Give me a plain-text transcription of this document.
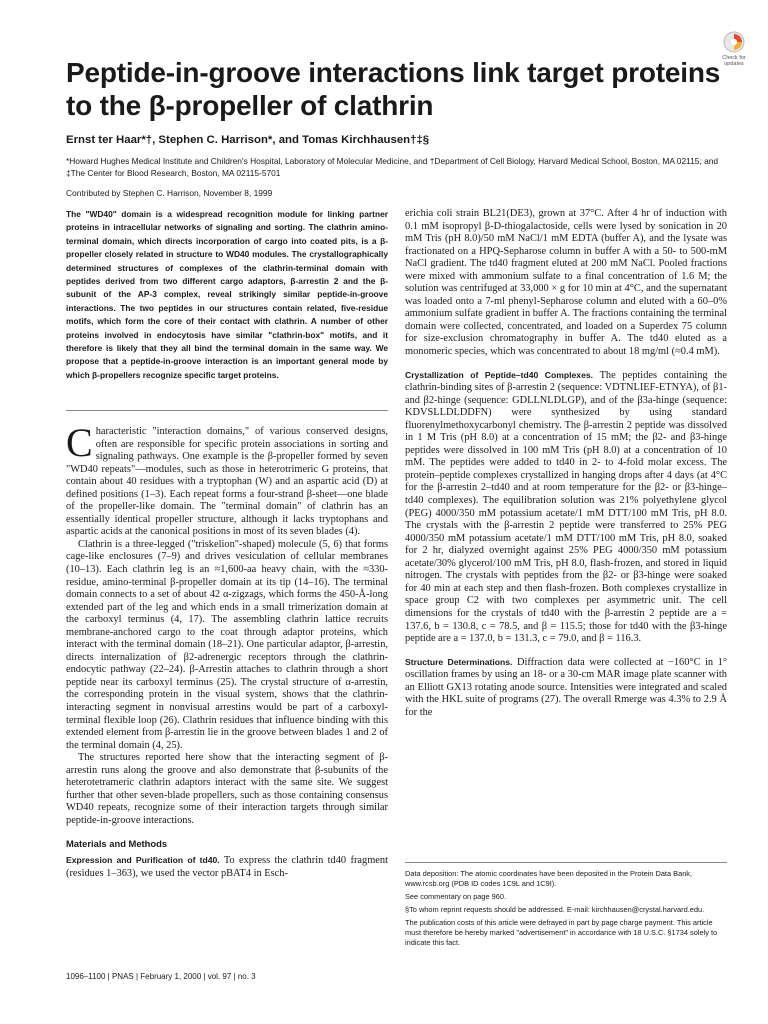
Check for
updates
Peptide-in-groove interactions link target proteins to the β-propeller of clathrin

Ernst ter Haar*†, Stephen C. Harrison*, and Tomas Kirchhausen†‡§

*Howard Hughes Medical Institute and Children's Hospital, Laboratory of Molecular Medicine, and †Department of Cell Biology, Harvard Medical School, Boston, MA 02115; and ‡The Center for Blood Research, Boston, MA 02115-5701

Contributed by Stephen C. Harrison, November 8, 1999

The "WD40" domain is a widespread recognition module for linking partner proteins in intracellular networks of signaling and sorting. The clathrin amino-terminal domain, which directs incorporation of cargo into coated pits, is a β-propeller closely related in structure to WD40 modules. The crystallographically determined structures of complexes of the clathrin-terminal domain with peptides derived from two different cargo adaptors, β-arrestin 2 and the β-subunit of the AP-3 complex, reveal strikingly similar peptide-in-groove interactions. The two peptides in our structures contain related, five-residue motifs, which form the core of their contact with clathrin. A number of other proteins involved in endocytosis have similar "clathrin-box" motifs, and it therefore is likely that they all bind the terminal domain in the same way. We propose that a peptide-in-groove interaction is an important general mode by which β-propellers recognize specific target proteins.

Characteristic "interaction domains," of various conserved designs, often are responsible for specific protein associations in sorting and signaling pathways. One example is the β-propeller formed by seven "WD40 repeats"—modules, such as those in heterotrimeric G proteins, that contain about 40 residues with a tryptophan (W) and an aspartic acid (D) at defined positions (1–3). Each repeat forms a four-strand β-sheet—one blade of the propeller-like domain. The "terminal domain" of clathrin has an essentially identical propeller structure, although it lacks tryptophans and aspartic acids at the canonical positions in most of its seven blades (4).

Clathrin is a three-legged ("triskelion"-shaped) molecule (5, 6) that forms cage-like enclosures (7–9) and drives vesiculation of cellular membranes (10–13). Each clathrin leg is an ≈1,600-aa heavy chain, with the ≈330-residue, amino-terminal β-propeller domain at its tip (14–16). The terminal domain connects to a set of about 42 α-zigzags, which forms the 450-Å-long extended part of the leg and which ends in a small trimerization domain at the carboxyl terminus (4, 17). The assembling clathrin lattice recruits membrane-anchored cargo to the coat through adaptor proteins, which interact with the terminal domain (18–21). One particular adaptor, β-arrestin, directs internalization of β2-adrenergic receptors through the clathrin-endocytic pathway (22–24). β-Arrestin attaches to clathrin through a short peptide near its carboxyl terminus (25). The crystal structure of α-arrestin, the corresponding protein in the visual system, shows that the clathrin-interacting segment in nonvisual arrestins would be part of a carboxyl-terminal flexible loop (26). Clathrin residues that influence binding with this extended element from β-arrestin lie in the groove between blades 1 and 2 of the terminal domain (4, 25).

The structures reported here show that the interacting segment of β-arrestin runs along the groove and also demonstrate that β-subunits of the heterotetrameric clathrin adaptors interact with the same site. We suggest further that other seven-blade propellers, such as those containing consensus WD40 repeats, recognize some of their interaction targets through similar peptide-in-groove interactions.

Materials and Methods

Expression and Purification of td40. To express the clathrin td40 fragment (residues 1–363), we used the vector pBAT4 in Esch-

erichia coli strain BL21(DE3), grown at 37°C. After 4 hr of induction with 0.1 mM isopropyl β-D-thiogalactoside, cells were lysed by sonication in 20 mM Tris (pH 8.0)/50 mM NaCl/1 mM EDTA (buffer A), and the lysate was fractionated on a HPQ-Sepharose column in buffer A with a 50- to 500-mM NaCl gradient. The td40 fragment eluted at 200 mM NaCl. Pooled fractions were mixed with ammonium sulfate to a final concentration of 1.6 M; the solution was centrifuged at 33,000 × g for 10 min at 4°C, and the supernatant was loaded onto a 7-ml phenyl-Sepharose column and eluted with a 60–0% ammonium sulfate gradient in buffer A. The fractions containing the terminal domain were collected, concentrated, and loaded on a Superdex 75 column for size-exclusion chromatography in buffer A. The td40 eluted as a monomeric species, which was concentrated to about 18 mg/ml (≈0.4 mM).

Crystallization of Peptide–td40 Complexes. The peptides containing the clathrin-binding sites of β-arrestin 2 (sequence: VDTNLIEF-ETNYA), of β1- and β2-hinge (sequence: GDLLNLDLGP), and of the β3a-hinge (sequence: KDVSLLDLDDFN) were synthesized by using standard fluorenylmethoxycarbonyl chemistry. The β-arrestin 2 peptide was dissolved in 1 M Tris (pH 8.0) at a concentration of 15 mM; the β2- and β3-hinge peptides were dissolved in 100 mM Tris (pH 8.0) at a concentration of 10 mM. The peptides were added to td40 in 2- to 4-fold molar excess. The protein–peptide complexes crystallized in hanging drops after 4 days (at 4°C for the β-arrestin 2–td40 and at room temperature for the β2- or β3-hinge–td40 complexes). The equilibration solution was 21% polyethylene glycol (PEG) 4000/350 mM potassium acetate/1 mM DTT/100 mM Tris, pH 8.0. The crystals with the β-arrestin 2 peptide were transferred to 25% PEG 4000/350 mM potassium acetate/1 mM DTT/100 mM Tris, pH 8.0, soaked for 2 hr, dialyzed overnight against 25% PEG 4000/350 mM potassium acetate/30% glycerol/100 mM Tris, pH 8.0, flash-frozen, and stored in liquid nitrogen. The crystals with peptides from the β2- or β3-hinge were soaked for 40 min at each step and then flash-frozen. Both complexes crystallize in space group C2 with two complexes per asymmetric unit. The cell dimensions for the crystals of td40 with the β-arrestin 2 peptide are a = 137.6, b = 130.8, c = 78.5, and β = 115.5; those for td40 with the β3-hinge peptide are a = 137.0, b = 131.3, c = 79.0, and β = 116.3.

Structure Determinations. Diffraction data were collected at −160°C in 1° oscillation frames by using an 18- or a 30-cm MAR image plate scanner with an Elliott GX13 rotating anode source. Intensities were integrated and scaled with the HKL suite of programs (27). The overall Rmerge was 4.3% to 2.9 Å for the

Data deposition: The atomic coordinates have been deposited in the Protein Data Bank, www.rcsb.org (PDB ID codes 1C9L and 1C9I).

See commentary on page 960.

§To whom reprint requests should be addressed. E-mail: kirchhausen@crystal.harvard.edu.

The publication costs of this article were defrayed in part by page charge payment. This article must therefore be hereby marked "advertisement" in accordance with 18 U.S.C. §1734 solely to indicate this fact.

1096–1100 | PNAS | February 1, 2000 | vol. 97 | no. 3
